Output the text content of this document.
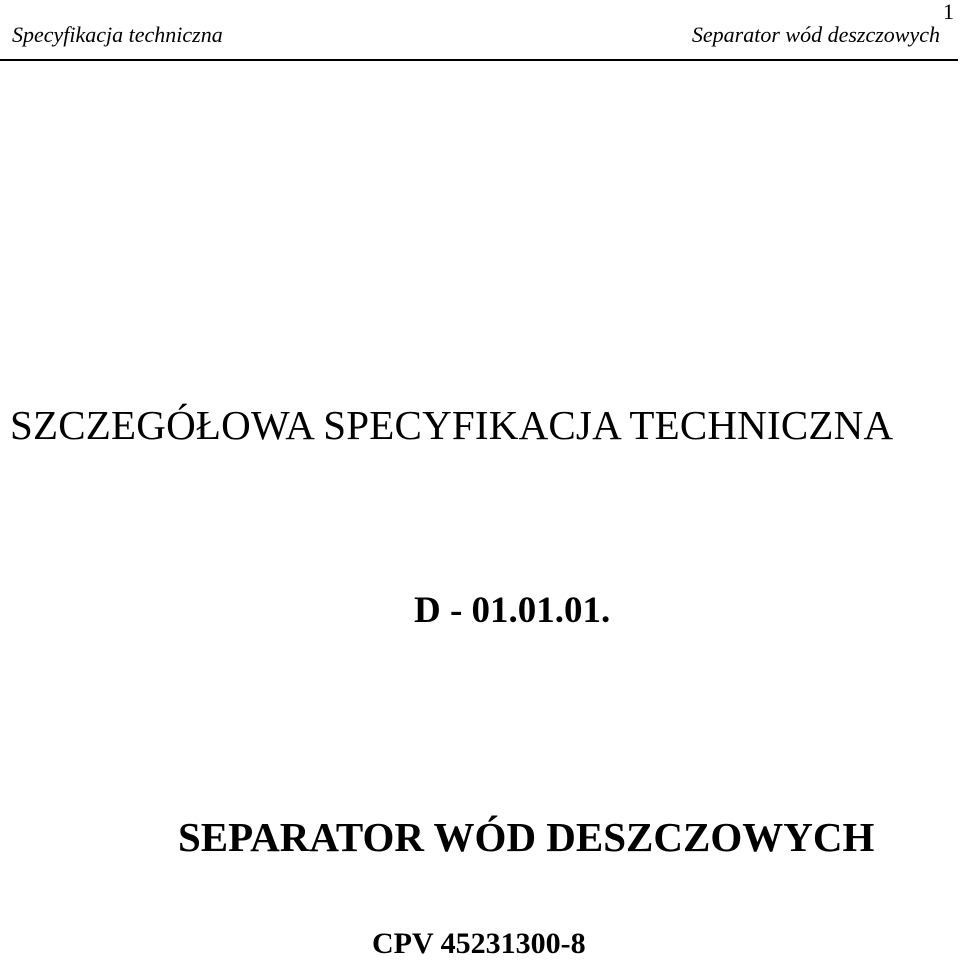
Specyfikacja techniczna	Separator wód deszczowych
1
SZCZEGÓŁOWA SPECYFIKACJA TECHNICZNA
D - 01.01.01.
SEPARATOR WÓD DESZCZOWYCH
CPV 45231300-8
